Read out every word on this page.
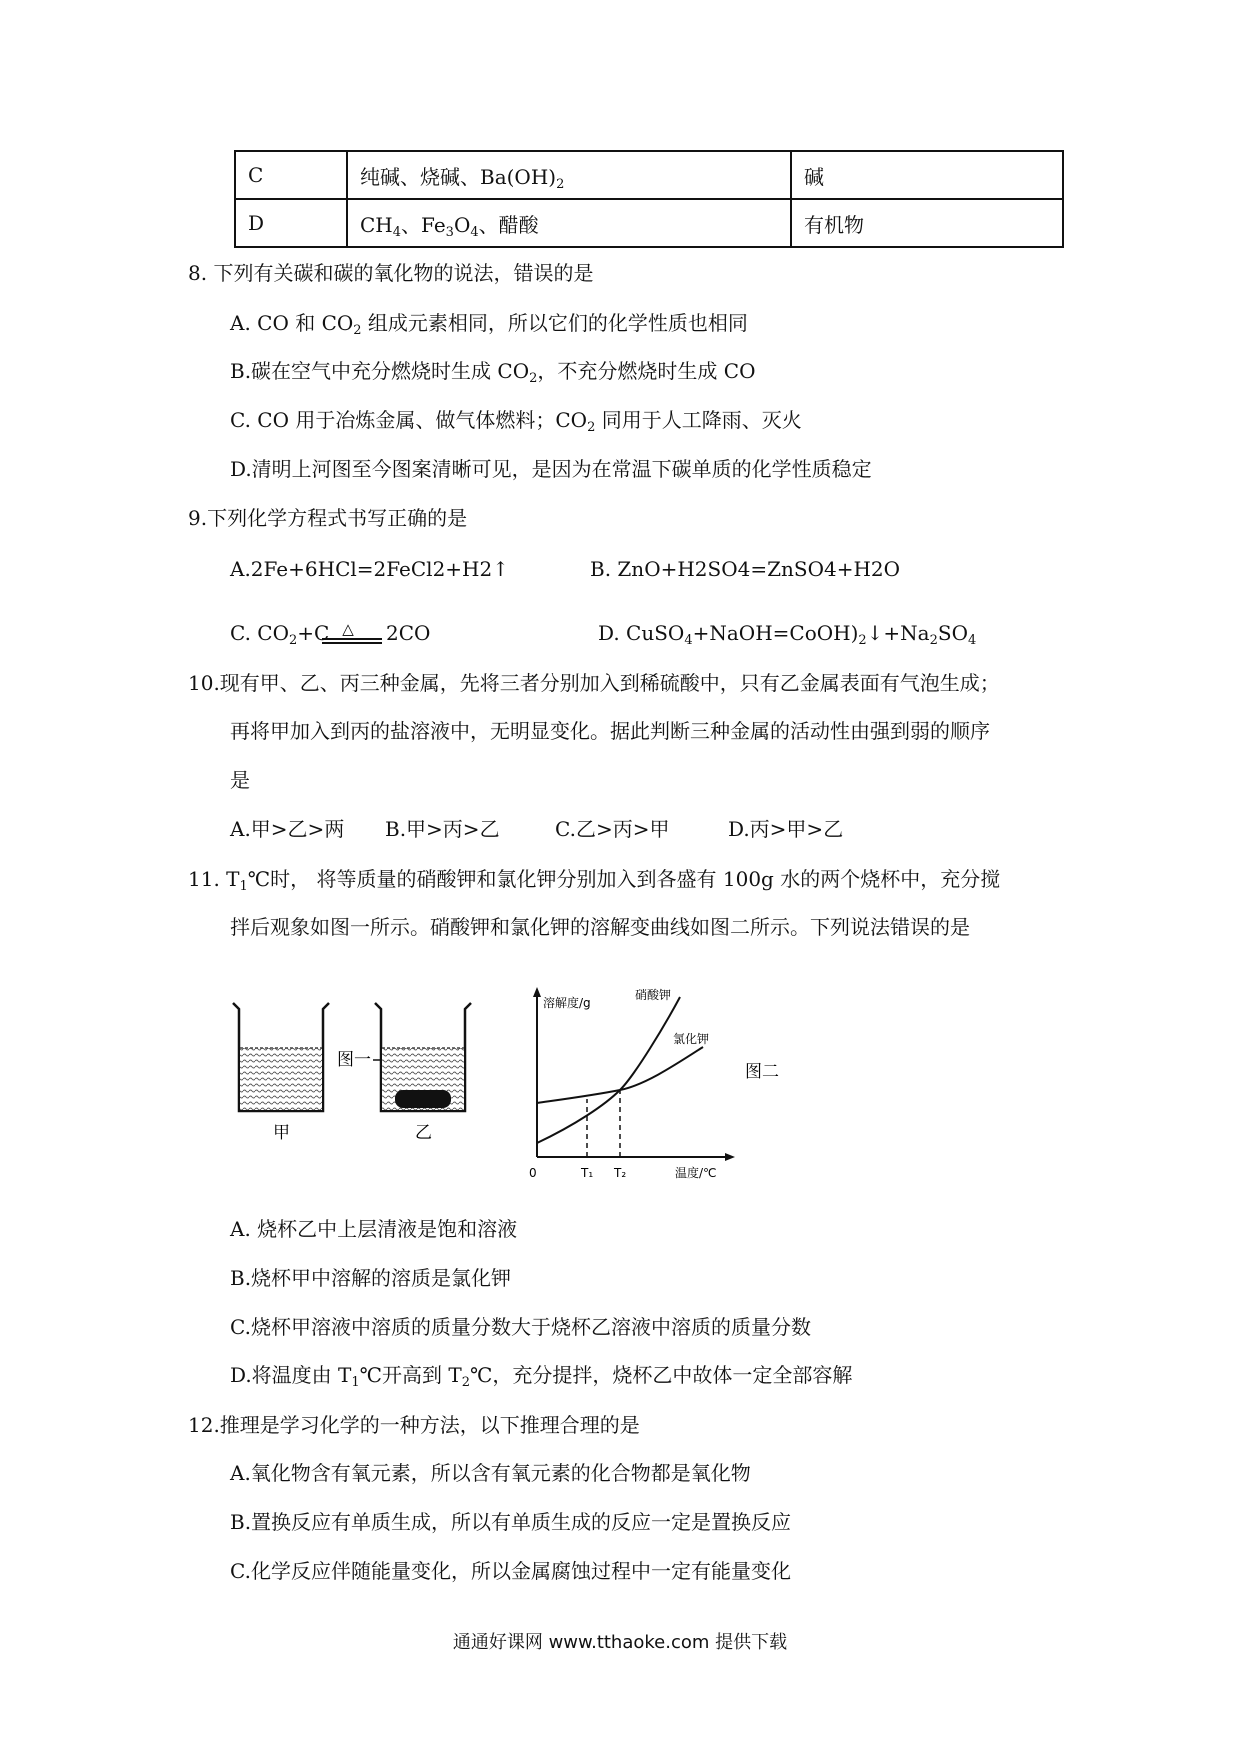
C	纯碱、烧碱、$Ba(OH)_2$	碱
D	$CH_4$、$Fe_3O_4$、醋酸	有机物
8. 下列有关碳和碳的氧化物的说法，错误的是
A. CO 和 $CO_2$ 组成元素相同，所以它们的化学性质也相同
B.碳在空气中充分燃烧时生成 $CO_2$，不充分燃烧时生成 CO
C. CO 用于冶炼金属、做气体燃料；$CO_2$ 同用于人工降雨、灭火
D.清明上河图至今图案清晰可见，是因为在常温下碳单质的化学性质稳定
9.下列化学方程式书写正确的是
A.2Fe+6HCl=2FeCl2+H2↑	B. ZnO+H2SO4=ZnSO4+H2O
C. $CO_2+C$ △ 2CO	D. $CuSO_4+NaOH=CoOH)_2↓+Na_2SO_4$
10.现有甲、乙、丙三种金属，先将三者分别加入到稀硫酸中，只有乙金属表面有气泡生成；
再将甲加入到丙的盐溶液中，无明显变化。据此判断三种金属的活动性由强到弱的顺序
是
A.甲>乙>两 B.甲>丙>乙	C.乙>丙>甲	D.丙>甲>乙
11. $T_1℃$时， 将等质量的硝酸钾和氯化钾分别加入到各盛有 100g 水的两个烧杯中，充分搅
拌后观象如图一所示。硝酸钾和氯化钾的溶解变曲线如图二所示。下列说法错误的是
甲
图一
乙
溶解度/g
温度/℃
0
硝酸钾
氯化钾
T₁ T₂
图二
A. 烧杯乙中上层清液是饱和溶液
B.烧杯甲中溶解的溶质是氯化钾
C.烧杯甲溶液中溶质的质量分数大于烧杯乙溶液中溶质的质量分数
D.将温度由 $T_1℃$开高到 $T_2℃$，充分提拌，烧杯乙中故体一定全部容解
12.推理是学习化学的一种方法，以下推理合理的是
A.氧化物含有氧元素，所以含有氧元素的化合物都是氧化物
B.置换反应有单质生成，所以有单质生成的反应一定是置换反应
C.化学反应伴随能量变化，所以金属腐蚀过程中一定有能量变化
通通好课网 www.tthaoke.com 提供下载
